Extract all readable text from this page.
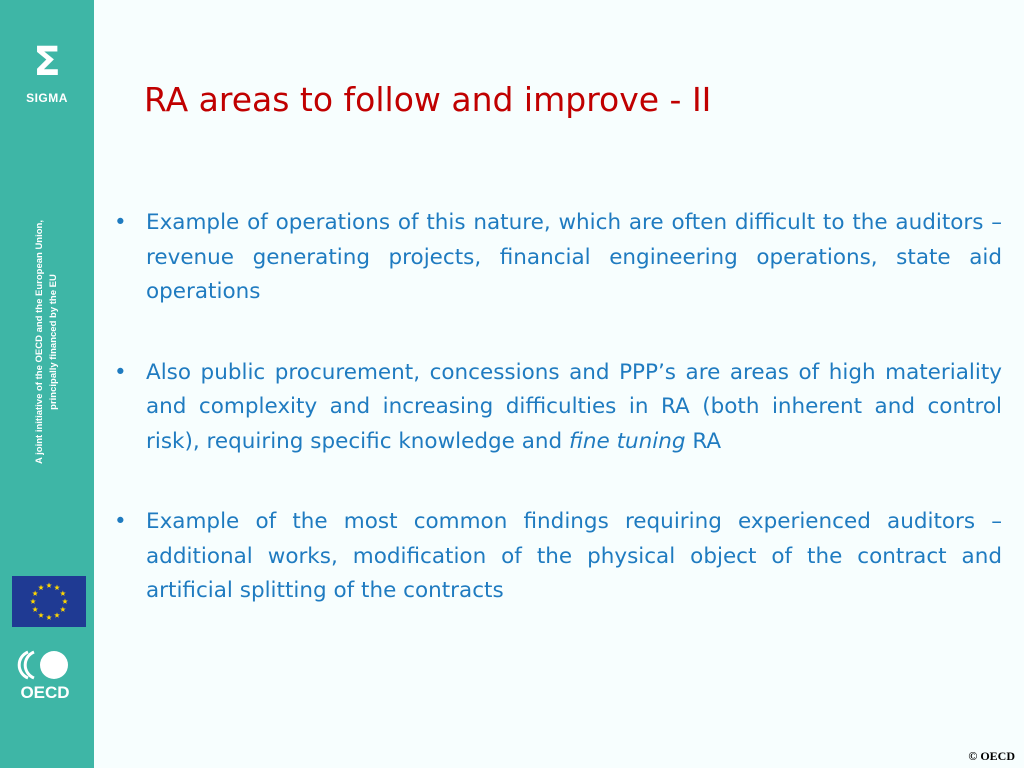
Σ
SIGMA
A joint initiative of the OECD and the European Union, principally financed by the EU
OECD
RA areas to follow and improve - II
• Example of operations of this nature, which are often difficult to the auditors – revenue generating projects, financial engineering operations, state aid operations
• Also public procurement, concessions and PPP’s are areas of high materiality and complexity and increasing difficulties in RA (both inherent and control risk), requiring specific knowledge and fine tuning RA
• Example of the most common findings requiring experienced auditors – additional works, modification of the physical object of the contract and artificial splitting of the contracts
© OECD
